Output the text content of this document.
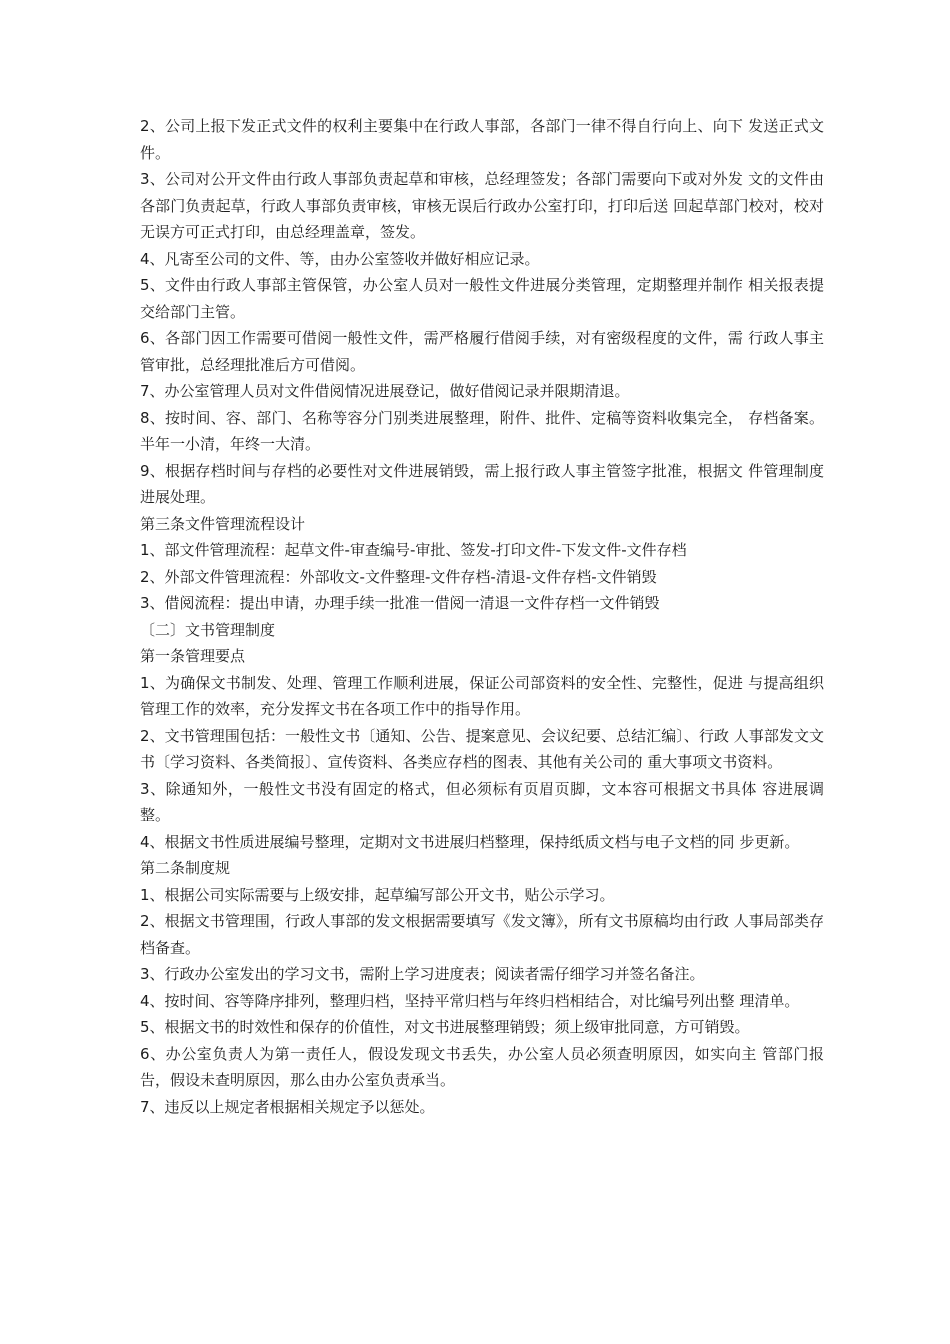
2、公司上报下发正式文件的权利主要集中在行政人事部，各部门一律不得自行向上、向下 发送正式文件。

3、公司对公开文件由行政人事部负责起草和审核，总经理签发；各部门需要向下或对外发 文的文件由各部门负责起草，行政人事部负责审核，审核无误后行政办公室打印，打印后送 回起草部门校对，校对无误方可正式打印，由总经理盖章，签发。

4、凡寄至公司的文件、等，由办公室签收并做好相应记录。

5、文件由行政人事部主管保管，办公室人员对一般性文件进展分类管理，定期整理并制作 相关报表提交给部门主管。

6、各部门因工作需要可借阅一般性文件，需严格履行借阅手续，对有密级程度的文件，需 行政人事主管审批，总经理批准后方可借阅。

7、办公室管理人员对文件借阅情况进展登记，做好借阅记录并限期清退。

8、按时间、容、部门、名称等容分门别类进展整理，附件、批件、定稿等资料收集完全， 存档备案。半年一小清，年终一大清。

9、根据存档时间与存档的必要性对文件进展销毁，需上报行政人事主管签字批准，根据文 件管理制度进展处理。

第三条文件管理流程设计

1、部文件管理流程：起草文件-审查编号-审批、签发-打印文件-下发文件-文件存档

2、外部文件管理流程：外部收文-文件整理-文件存档-清退-文件存档-文件销毁

3、借阅流程：提出申请，办理手续一批准一借阅一清退一文件存档一文件销毁

〔二〕文书管理制度

第一条管理要点

1、为确保文书制发、处理、管理工作顺利进展，保证公司部资料的安全性、完整性，促进 与提高组织管理工作的效率，充分发挥文书在各项工作中的指导作用。

2、文书管理围包括：一般性文书〔通知、公告、提案意见、会议纪要、总结汇编〕、行政 人事部发文文书〔学习资料、各类简报〕、宣传资料、各类应存档的图表、其他有关公司的 重大事项文书资料。

3、除通知外，一般性文书没有固定的格式，但必须标有页眉页脚，文本容可根据文书具体 容进展调整。

4、根据文书性质进展编号整理，定期对文书进展归档整理，保持纸质文档与电子文档的同 步更新。

第二条制度规

1、根据公司实际需要与上级安排，起草编写部公开文书，贴公示学习。

2、根据文书管理围，行政人事部的发文根据需要填写《发文簿》，所有文书原稿均由行政 人事局部类存档备查。

3、行政办公室发出的学习文书，需附上学习进度表；阅读者需仔细学习并签名备注。

4、按时间、容等降序排列，整理归档，坚持平常归档与年终归档相结合，对比编号列出整 理清单。

5、根据文书的时效性和保存的价值性，对文书进展整理销毁；须上级审批同意，方可销毁。

6、办公室负责人为第一责任人，假设发现文书丢失，办公室人员必须查明原因，如实向主 管部门报告，假设未查明原因，那么由办公室负责承当。

7、违反以上规定者根据相关规定予以惩处。
